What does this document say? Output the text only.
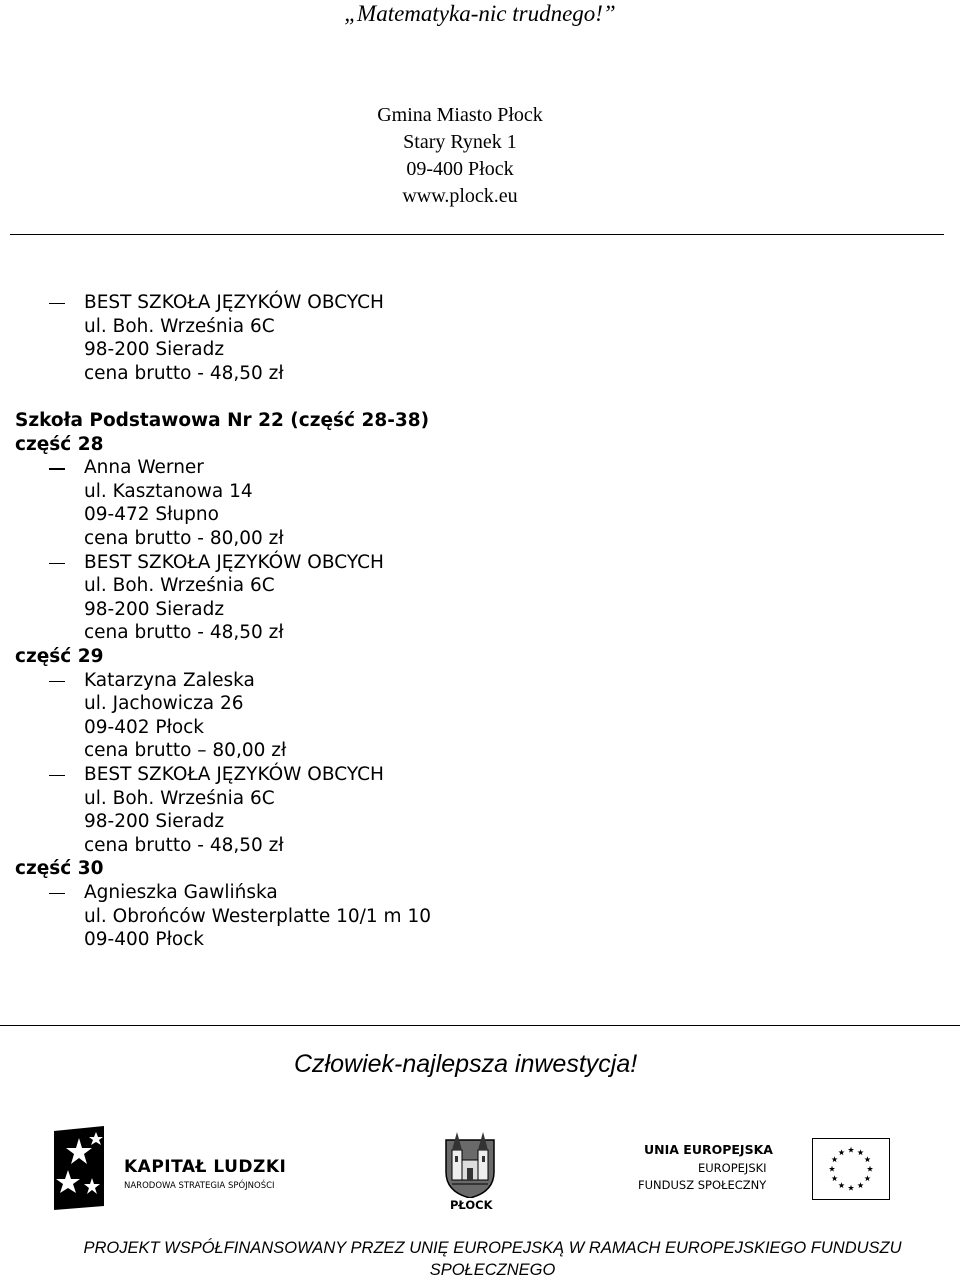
„Matematyka-nic trudnego!”
Gmina Miasto Płock
Stary Rynek 1
09-400 Płock
www.plock.eu
BEST SZKOŁA JĘZYKÓW OBCYCH
ul. Boh. Września 6C
98-200 Sieradz
cena brutto - 48,50 zł
Szkoła Podstawowa Nr 22 (część 28-38)
część 28
Anna Werner
ul. Kasztanowa 14
09-472 Słupno
cena brutto - 80,00 zł
BEST SZKOŁA JĘZYKÓW OBCYCH
ul. Boh. Września 6C
98-200 Sieradz
cena brutto - 48,50 zł
część 29
Katarzyna Zaleska
ul. Jachowicza 26
09-402 Płock
cena brutto – 80,00 zł
BEST SZKOŁA JĘZYKÓW OBCYCH
ul. Boh. Września 6C
98-200 Sieradz
cena brutto - 48,50 zł
część 30
Agnieszka Gawlińska
ul. Obrońców Westerplatte 10/1 m 10
09-400 Płock
Człowiek-najlepsza inwestycja!
KAPITAŁ LUDZKI
NARODOWA STRATEGIA SPÓJNOŚCI
PŁOCK
UNIA EUROPEJSKA
EUROPEJSKI
FUNDUSZ SPOŁECZNY
PROJEKT WSPÓŁFINANSOWANY PRZEZ UNIĘ EUROPEJSKĄ W RAMACH EUROPEJSKIEGO FUNDUSZU
SPOŁECZNEGO
